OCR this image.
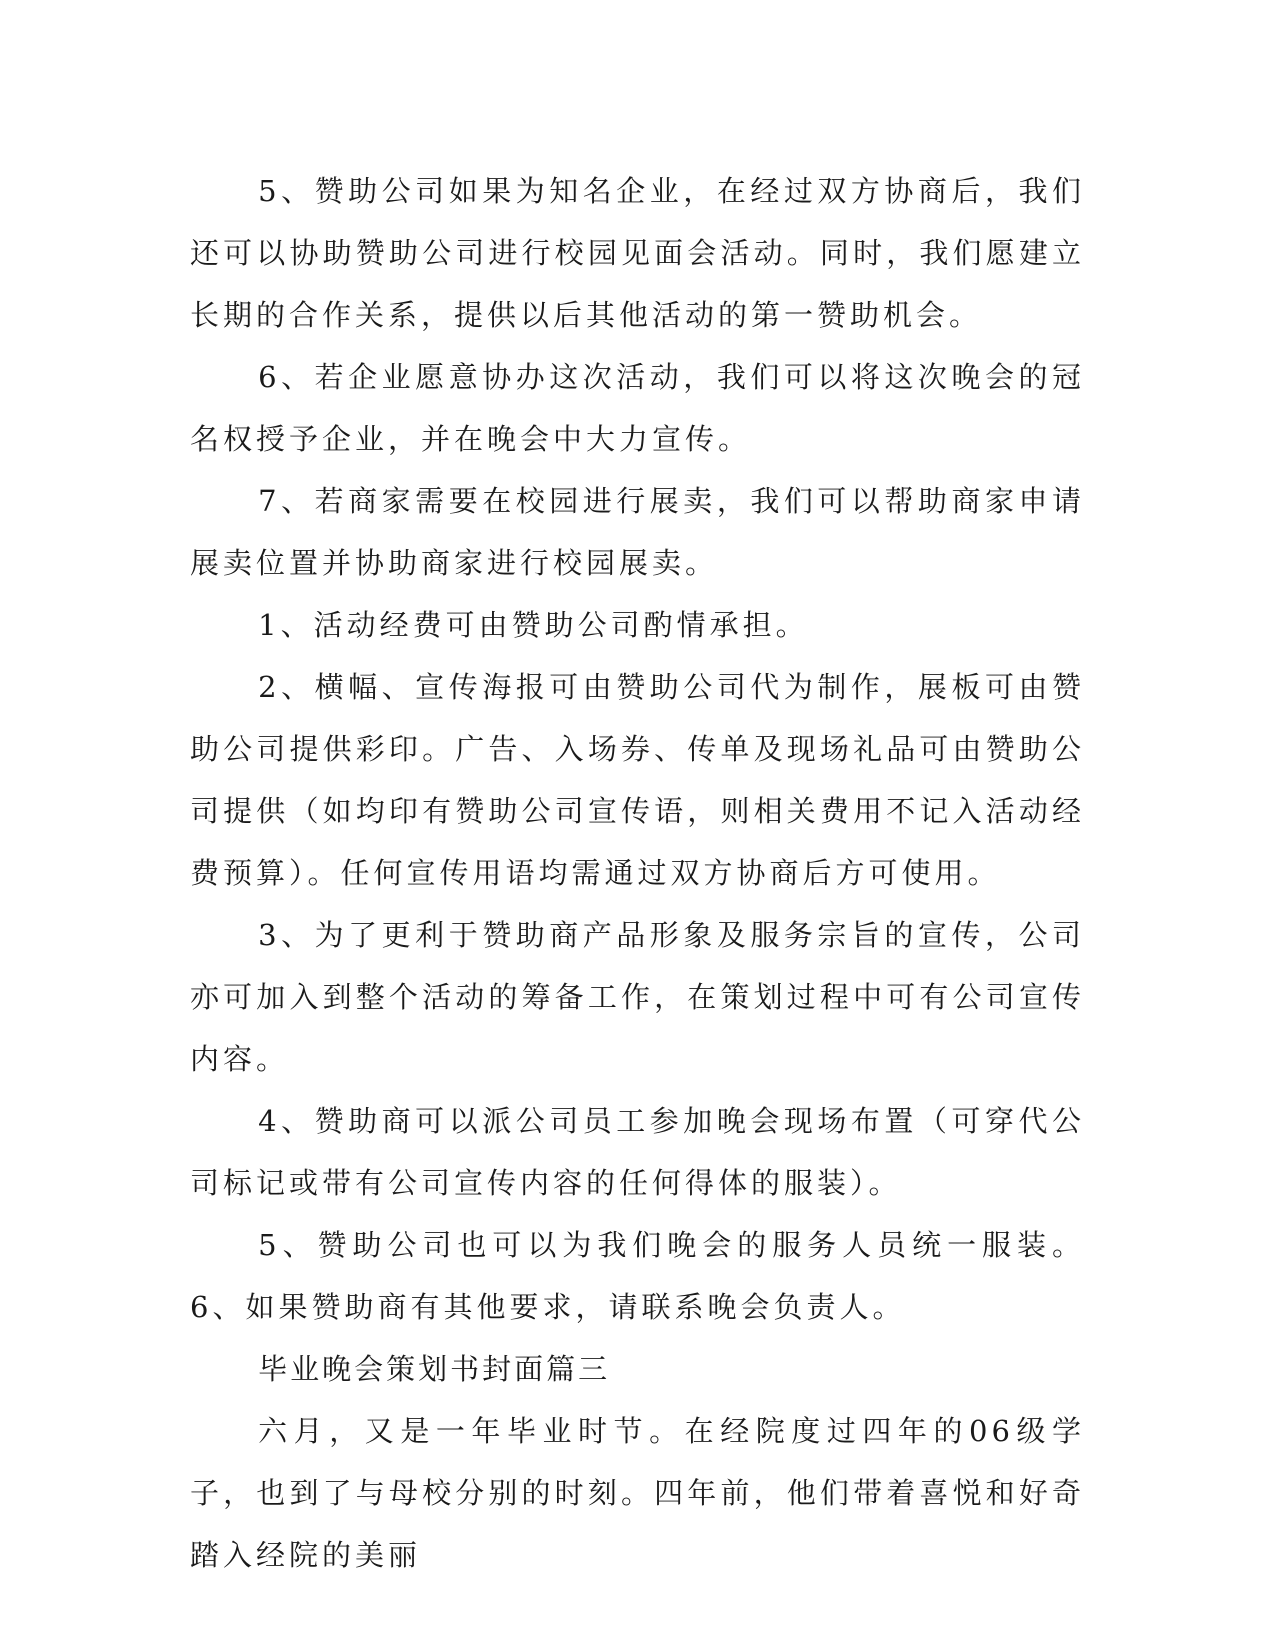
5、赞助公司如果为知名企业，在经过双方协商后，我们还可以协助赞助公司进行校园见面会活动。同时，我们愿建立长期的合作关系，提供以后其他活动的第一赞助机会。

6、若企业愿意协办这次活动，我们可以将这次晚会的冠名权授予企业，并在晚会中大力宣传。

7、若商家需要在校园进行展卖，我们可以帮助商家申请展卖位置并协助商家进行校园展卖。

1、活动经费可由赞助公司酌情承担。

2、横幅、宣传海报可由赞助公司代为制作，展板可由赞助公司提供彩印。广告、入场券、传单及现场礼品可由赞助公司提供（如均印有赞助公司宣传语，则相关费用不记入活动经费预算）。任何宣传用语均需通过双方协商后方可使用。

3、为了更利于赞助商产品形象及服务宗旨的宣传，公司亦可加入到整个活动的筹备工作，在策划过程中可有公司宣传内容。

4、赞助商可以派公司员工参加晚会现场布置（可穿代公司标记或带有公司宣传内容的任何得体的服装）。

5、赞助公司也可以为我们晚会的服务人员统一服装。6、如果赞助商有其他要求，请联系晚会负责人。

毕业晚会策划书封面篇三

六月，又是一年毕业时节。在经院度过四年的06级学子，也到了与母校分别的时刻。四年前，他们带着喜悦和好奇踏入经院的美丽
